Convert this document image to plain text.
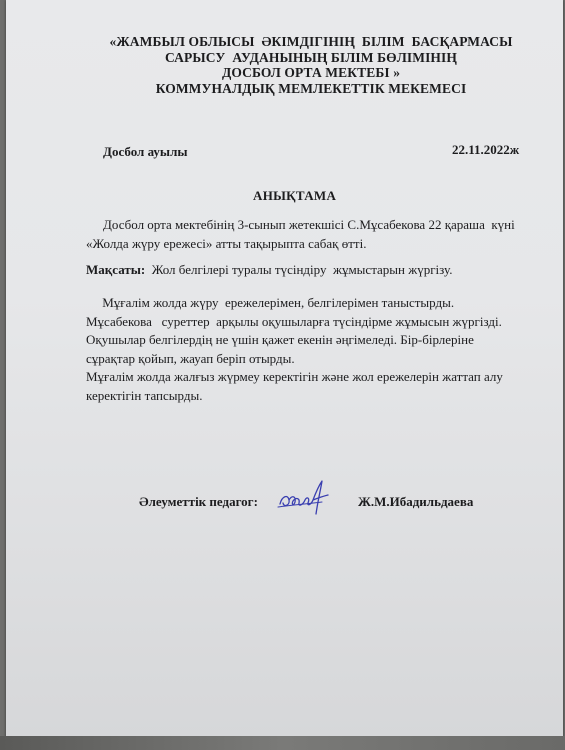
«ЖАМБЫЛ ОБЛЫСЫ  ӘКІМДІГІНІҢ  БІЛІМ  БАСҚАРМАСЫ
САРЫСУ  АУДАНЫНЫҢ БІЛІМ БӨЛІМІНІҢ
ДОСБОЛ ОРТА МЕКТЕБІ »
КОММУНАЛДЫҚ МЕМЛЕКЕТТІК МЕКЕМЕСІ
Досбол ауылы	22.11.2022ж
АНЫҚТАМА
Досбол орта мектебінің 3-сынып жетекшісі С.Мұсабекова 22 қараша  күні
«Жолда жүру ережесі» атты тақырыпта сабақ өтті.
Мақсаты:  Жол белгілері туралы түсіндіру  жұмыстарын жүргізу.
Мұғалім жолда жүру  ережелерімен, белгілерімен таныстырды.
Мұсабекова   суреттер  арқылы оқушыларға түсіндірме жұмысын жүргізді.
Оқушылар белгілердің не үшін қажет екенін әңгімеледі. Бір-бірлеріне
сұрақтар қойып, жауап беріп отырды.
Мұғалім жолда жалғыз жүрмеу керектігін және жол ережелерін жаттап алу
керектігін тапсырды.
Әлеуметтік педагог:	Ж.М.Ибадильдаева
